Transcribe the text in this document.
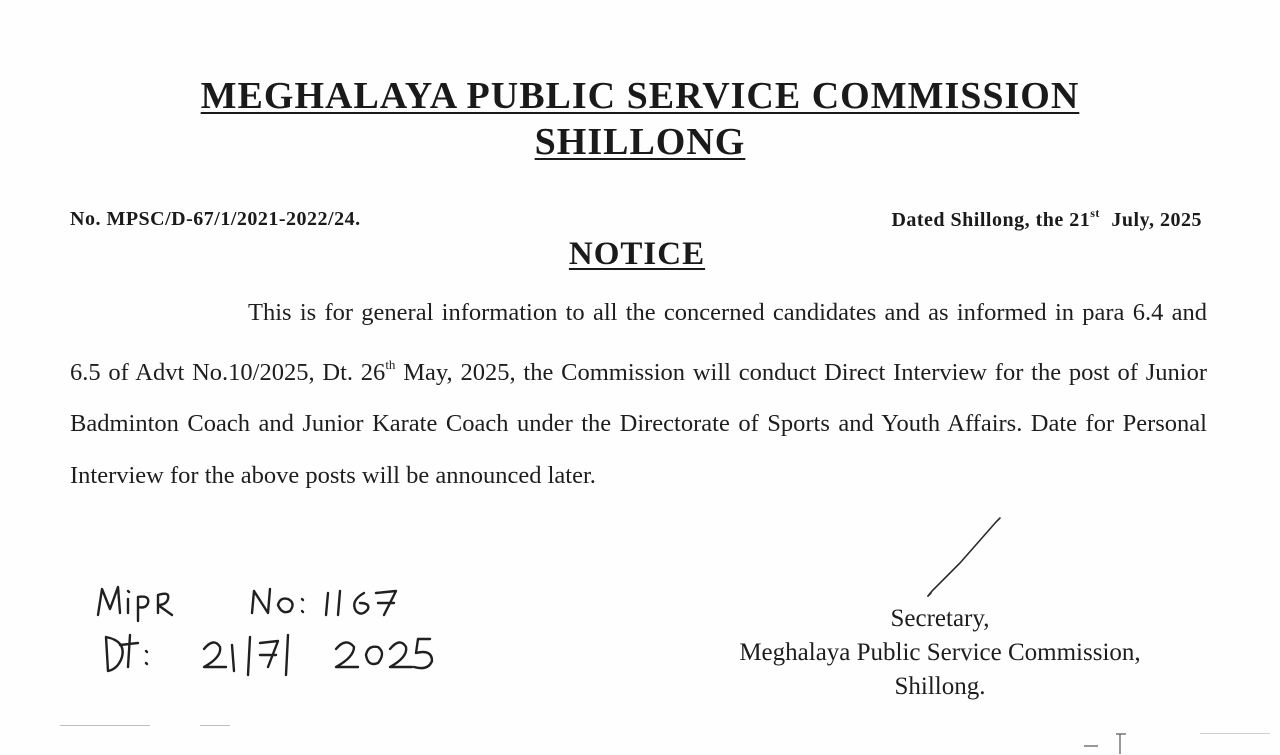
MEGHALAYA PUBLIC SERVICE COMMISSION
SHILLONG
No. MPSC/D-67/1/2021-2022/24.	Dated Shillong, the 21st July, 2025
NOTICE
This is for general information to all the concerned candidates and as informed in para 6.4 and 6.5 of Advt No.10/2025, Dt. 26th May, 2025, the Commission will conduct Direct Interview for the post of Junior Badminton Coach and Junior Karate Coach under the Directorate of Sports and Youth Affairs. Date for Personal Interview for the above posts will be announced later.
Secretary,
Meghalaya Public Service Commission,
Shillong.
